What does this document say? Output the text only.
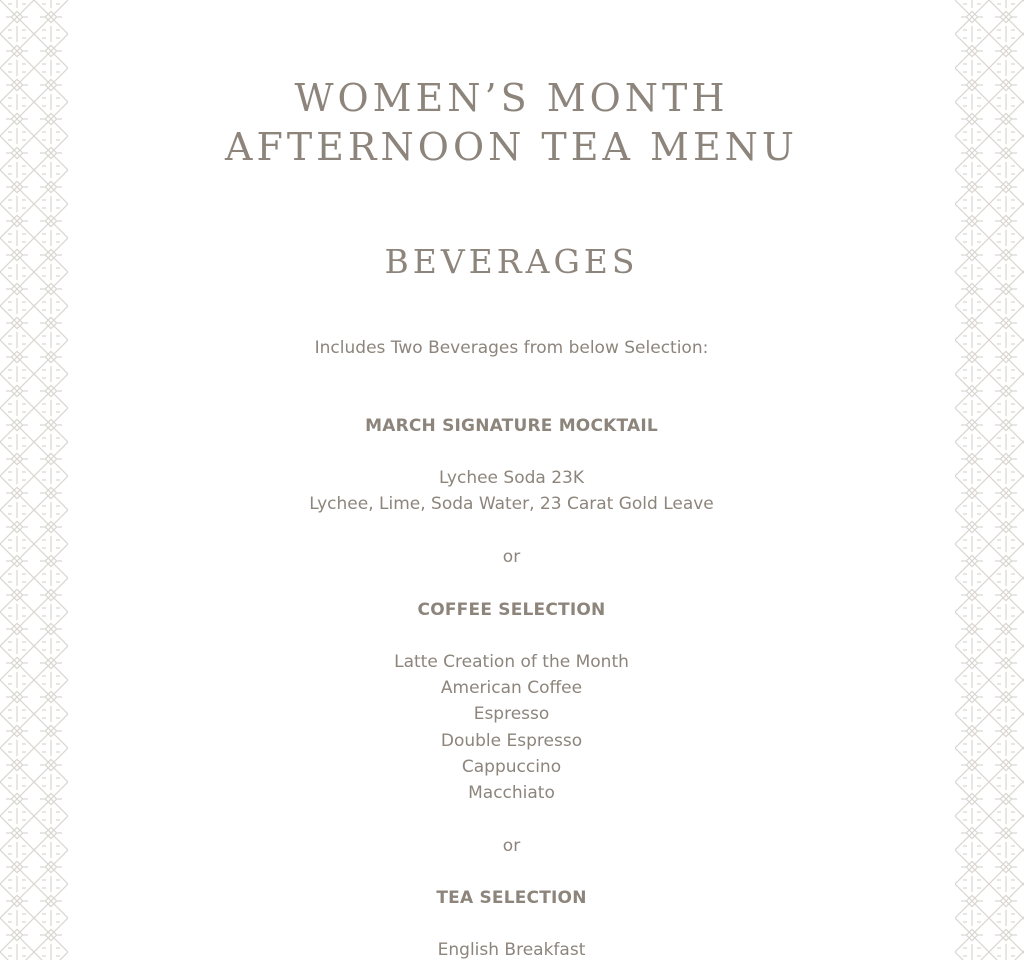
WOMEN’S MONTH
AFTERNOON TEA MENU
BEVERAGES
Includes Two Beverages from below Selection:
MARCH SIGNATURE MOCKTAIL
Lychee Soda 23K
Lychee, Lime, Soda Water, 23 Carat Gold Leave
or
COFFEE SELECTION
Latte Creation of the Month
American Coffee
Espresso
Double Espresso
Cappuccino
Macchiato
or
TEA SELECTION
English Breakfast
